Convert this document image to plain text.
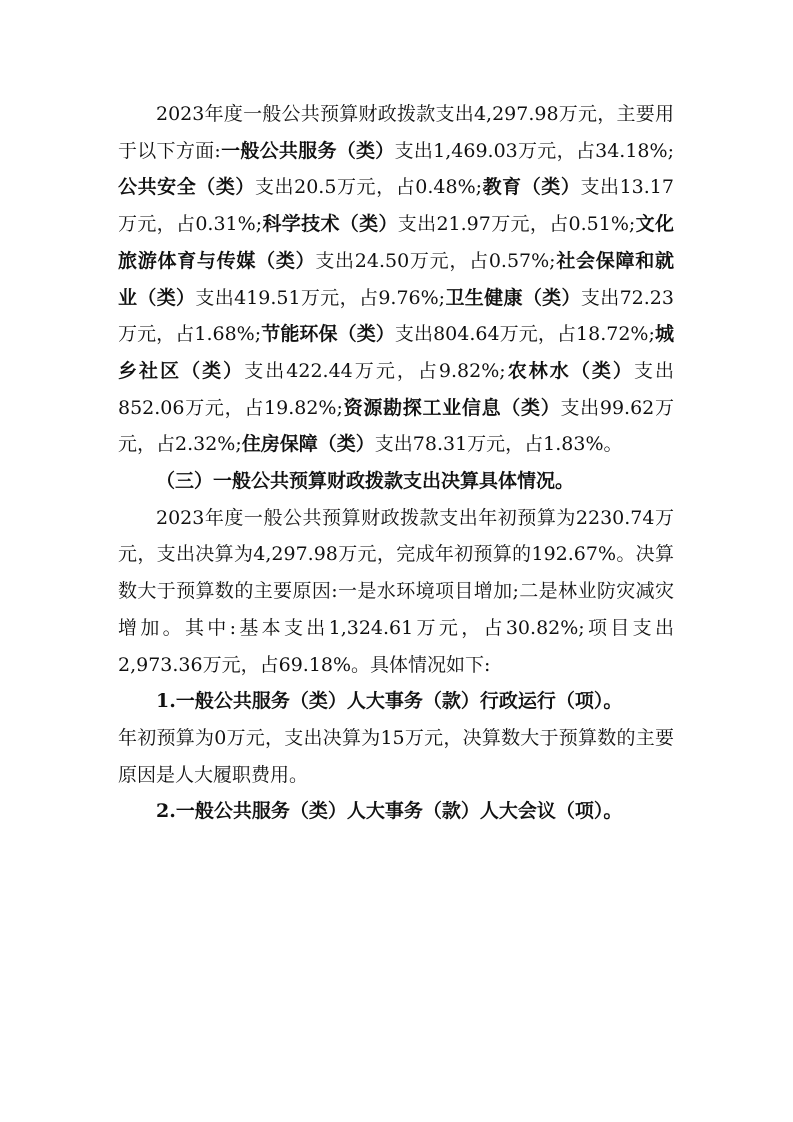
2023年度一般公共预算财政拨款支出4,297.98万元，主要用于以下方面:一般公共服务（类）支出1,469.03万元，占34.18%;公共安全（类）支出20.5万元，占0.48%;教育（类）支出13.17万元，占0.31%;科学技术（类）支出21.97万元，占0.51%;文化旅游体育与传媒（类）支出24.50万元，占0.57%;社会保障和就业（类）支出419.51万元，占9.76%;卫生健康（类）支出72.23万元，占1.68%;节能环保（类）支出804.64万元，占18.72%;城乡社区（类）支出422.44万元，占9.82%;农林水（类）支出852.06万元，占19.82%;资源勘探工业信息（类）支出99.62万元，占2.32%;住房保障（类）支出78.31万元，占1.83%。

（三）一般公共预算财政拨款支出决算具体情况。

2023年度一般公共预算财政拨款支出年初预算为2230.74万元，支出决算为4,297.98万元，完成年初预算的192.67%。决算数大于预算数的主要原因:一是水环境项目增加;二是林业防灾减灾增加。其中:基本支出1,324.61万元，占30.82%;项目支出2,973.36万元，占69.18%。具体情况如下:

1.一般公共服务（类）人大事务（款）行政运行（项）。

年初预算为0万元，支出决算为15万元，决算数大于预算数的主要原因是人大履职费用。

2.一般公共服务（类）人大事务（款）人大会议（项）。
